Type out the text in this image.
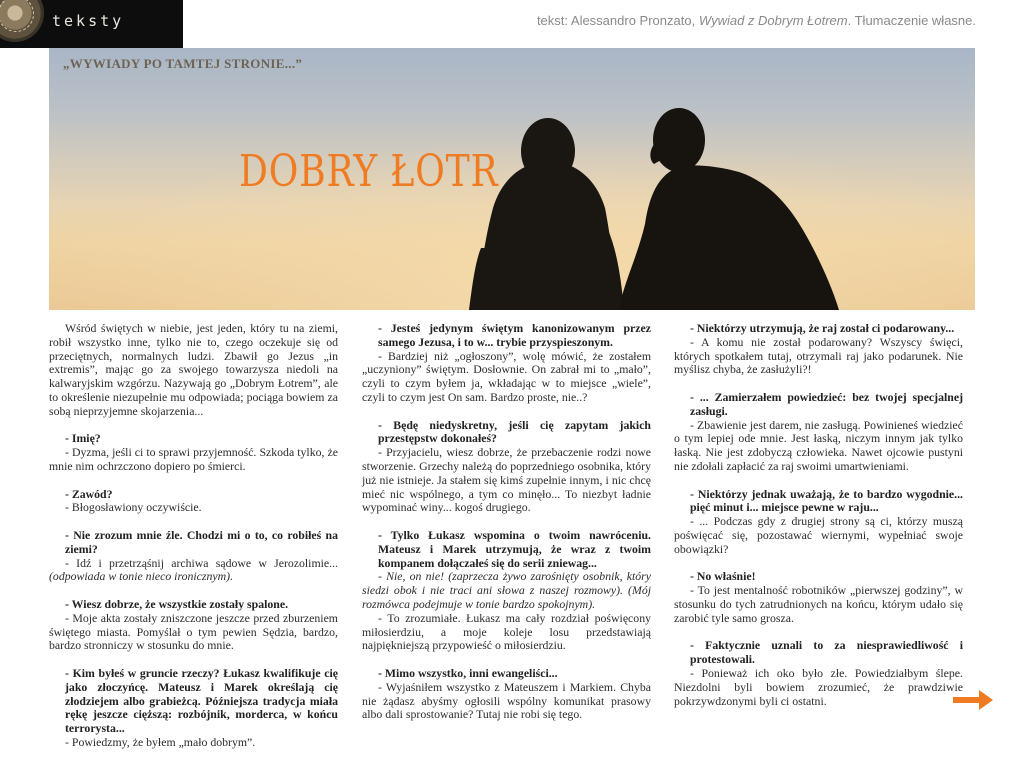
teksty	tekst: Alessandro Pronzato, Wywiad z Dobrym Łotrem. Tłumaczenie własne.
„WYWIADY PO TAMTEJ STRONIE...”
DOBRY ŁOTR

Wśród świętych w niebie, jest jeden, który tu na ziemi, robił wszystko inne, tylko nie to, czego oczekuje się od przeciętnych, normalnych ludzi. Zbawił go Jezus „in extremis”, mając go za swojego towarzysza niedoli na kalwaryjskim wzgórzu. Nazywają go „Dobrym Łotrem”, ale to określenie niezupełnie mu odpowiada; pociąga bowiem za sobą nieprzyjemne skojarzenia...

- Imię?

- Dyzma, jeśli ci to sprawi przyjemność. Szkoda tylko, że mnie nim ochrzczono dopiero po śmierci.

- Zawód?

- Błogosławiony oczywiście.

- Nie zrozum mnie źle. Chodzi mi o to, co robiłeś na ziemi?

- Idź i przetrząśnij archiwa sądowe w Jerozolimie... (odpowiada w tonie nieco ironicznym).

- Wiesz dobrze, że wszystkie zostały spalone.

- Moje akta zostały zniszczone jeszcze przed zburzeniem świętego miasta. Pomyślał o tym pewien Sędzia, bardzo, bardzo stronniczy w stosunku do mnie.

- Kim byłeś w gruncie rzeczy? Łukasz kwalifikuje cię jako złoczyńcę. Mateusz i Marek określają cię złodziejem albo grabieżcą. Późniejsza tradycja miała rękę jeszcze cięższą: rozbójnik, morderca, w końcu terrorysta...

- Powiedzmy, że byłem „mało dobrym”.

- Jesteś jedynym świętym kanonizowanym przez samego Jezusa, i to w... trybie przyspieszonym.

- Bardziej niż „ogłoszony”, wolę mówić, że zostałem „uczyniony” świętym. Dosłownie. On zabrał mi to „mało”, czyli to czym byłem ja, wkładając w to miejsce „wiele”, czyli to czym jest On sam. Bardzo proste, nie..?

- Będę niedyskretny, jeśli cię zapytam jakich przestępstw dokonałeś?

- Przyjacielu, wiesz dobrze, że przebaczenie rodzi nowe stworzenie. Grzechy należą do poprzedniego osobnika, który już nie istnieje. Ja stałem się kimś zupełnie innym, i nic chcę mieć nic wspólnego, a tym co minęło... To niezbyt ładnie wypominać winy... kogoś drugiego.

- Tylko Łukasz wspomina o twoim nawróceniu. Mateusz i Marek utrzymują, że wraz z twoim kompanem dołączałeś się do serii zniewag...

- Nie, on nie! (zaprzecza żywo zarośnięty osobnik, który siedzi obok i nie traci ani słowa z naszej rozmowy). (Mój rozmówca podejmuje w tonie bardzo spokojnym).

- To zrozumiałe. Łukasz ma cały rozdział poświęcony miłosierdziu, a moje koleje losu przedstawiają najpiękniejszą przypowieść o miłosierdziu.

- Mimo wszystko, inni ewangeliści...

- Wyjaśniłem wszystko z Mateuszem i Markiem. Chyba nie żądasz abyśmy ogłosili wspólny komunikat prasowy albo dali sprostowanie? Tutaj nie robi się tego.

- Niektórzy utrzymują, że raj został ci podarowany...

- A komu nie został podarowany? Wszyscy święci, których spotkałem tutaj, otrzymali raj jako podarunek. Nie myślisz chyba, że zasłużyli?!

- ... Zamierzałem powiedzieć: bez twojej specjalnej zasługi.

- Zbawienie jest darem, nie zasługą. Powinieneś wiedzieć o tym lepiej ode mnie. Jest łaską, niczym innym jak tylko łaską. Nie jest zdobyczą człowieka. Nawet ojcowie pustyni nie zdołali zapłacić za raj swoimi umartwieniami.

- Niektórzy jednak uważają, że to bardzo wygodnie... pięć minut i... miejsce pewne w raju...

- ... Podczas gdy z drugiej strony są ci, którzy muszą poświęcać się, pozostawać wiernymi, wypełniać swoje obowiązki?

- No właśnie!

- To jest mentalność robotników „pierwszej godziny”, w stosunku do tych zatrudnionych na końcu, którym udało się zarobić tyle samo grosza.

- Faktycznie uznali to za niesprawiedliwość i protestowali.

- Ponieważ ich oko było złe. Powiedziałbym ślepe. Niezdolni byli bowiem zrozumieć, że prawdziwie pokrzywdzonymi byli ci ostatni.
